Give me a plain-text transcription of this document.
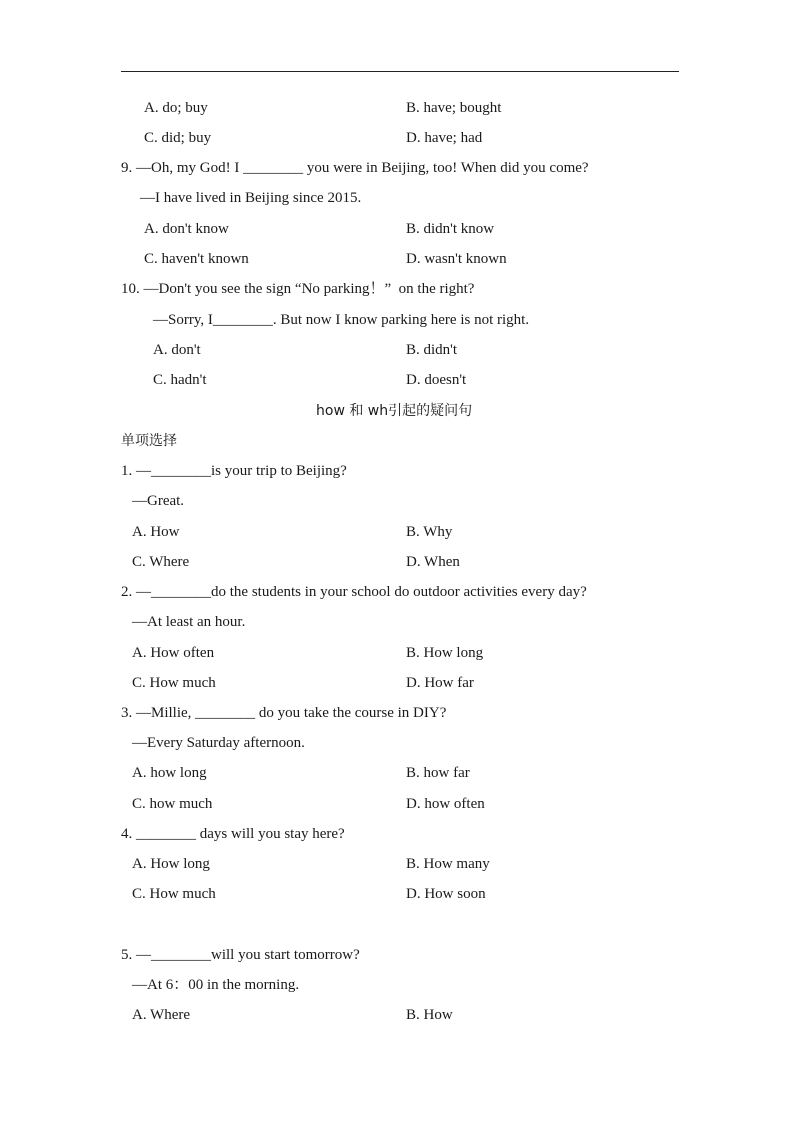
A. do; buy	B. have; bought
C. did; buy	D. have; had
9. —Oh, my God! I ________ you were in Beijing, too! When did you come?
—I have lived in Beijing since 2015.
A. don't know	B. didn't know
C. haven't known	D. wasn't known
10. —Don't you see the sign “No parking！”  on the right?
—Sorry, I________. But now I know parking here is not right.
A. don't	B. didn't
C. hadn't	D. doesn't
how 和 wh引起的疑问句
单项选择
1. —________is your trip to Beijing?
—Great.
A. How	B. Why
C. Where	D. When
2. —________do the students in your school do outdoor activities every day?
—At least an hour.
A. How often	B. How long
C. How much	D. How far
3. —Millie, ________ do you take the course in DIY?
—Every Saturday afternoon.
A. how long	B. how far
C. how much	D. how often
4. ________ days will you stay here?
A. How long	B. How many
C. How much	D. How soon
5. —________will you start tomorrow?
—At 6：00 in the morning.
A. Where	B. How
